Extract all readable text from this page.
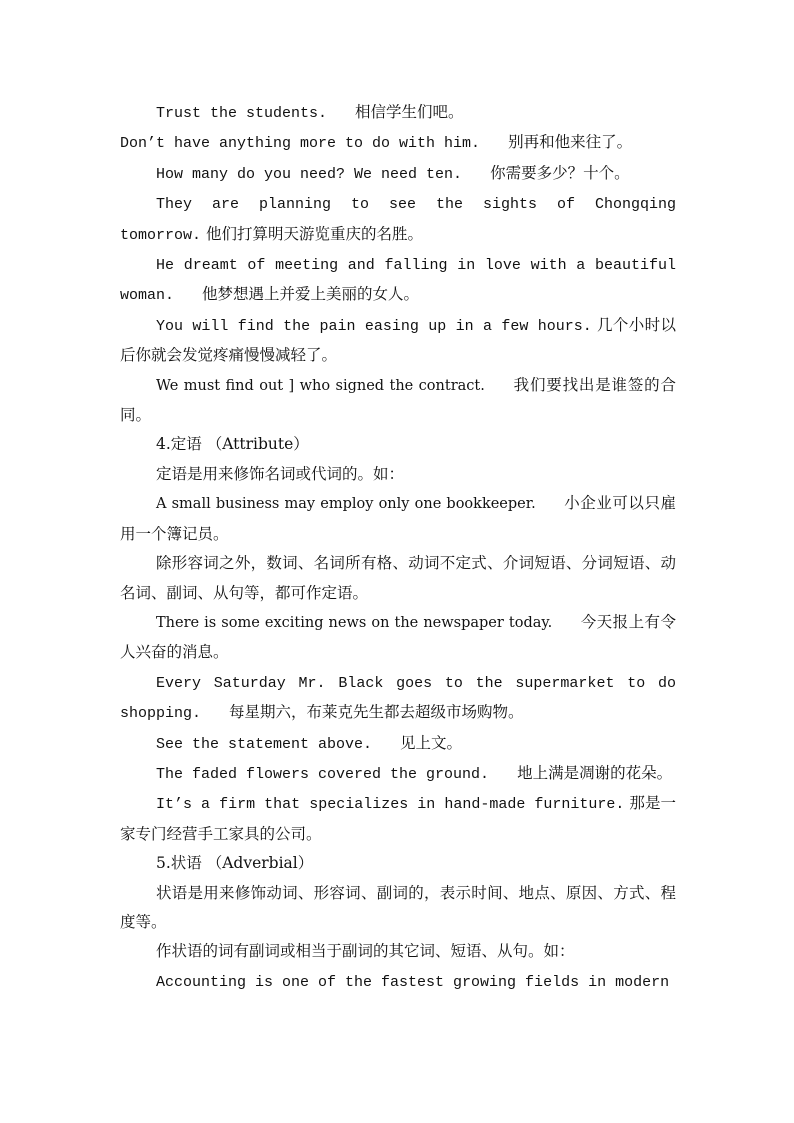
Trust the students. 相信学生们吧。

Don’t have anything more to do with him. 别再和他来往了。

How many do you need? We need ten. 你需要多少？十个。

They are planning to see the sights of Chongqing tomorrow. 他们打算明天游览重庆的名胜。

He dreamt of meeting and falling in love with a beautiful woman. 他梦想遇上并爱上美丽的女人。

You will find the pain easing up in a few hours. 几个小时以后你就会发觉疼痛慢慢减轻了。

We must find out ] who signed the contract. 我们要找出是谁签的合同。

4.定语 （Attribute）

定语是用来修饰名词或代词的。如：

A small business may employ only one bookkeeper. 小企业可以只雇用一个簿记员。

除形容词之外，数词、名词所有格、动词不定式、介词短语、分词短语、动名词、副词、从句等，都可作定语。

There is some exciting news on the newspaper today. 今天报上有令人兴奋的消息。

Every Saturday Mr. Black goes to the supermarket to do shopping. 每星期六，布莱克先生都去超级市场购物。

See the statement above. 见上文。

The faded flowers covered the ground. 地上满是凋谢的花朵。

It’s a firm that specializes in hand-made furniture. 那是一家专门经营手工家具的公司。

5.状语 （Adverbial）

状语是用来修饰动词、形容词、副词的，表示时间、地点、原因、方式、程度等。

作状语的词有副词或相当于副词的其它词、短语、从句。如：

Accounting is one of the fastest growing fields in modern
